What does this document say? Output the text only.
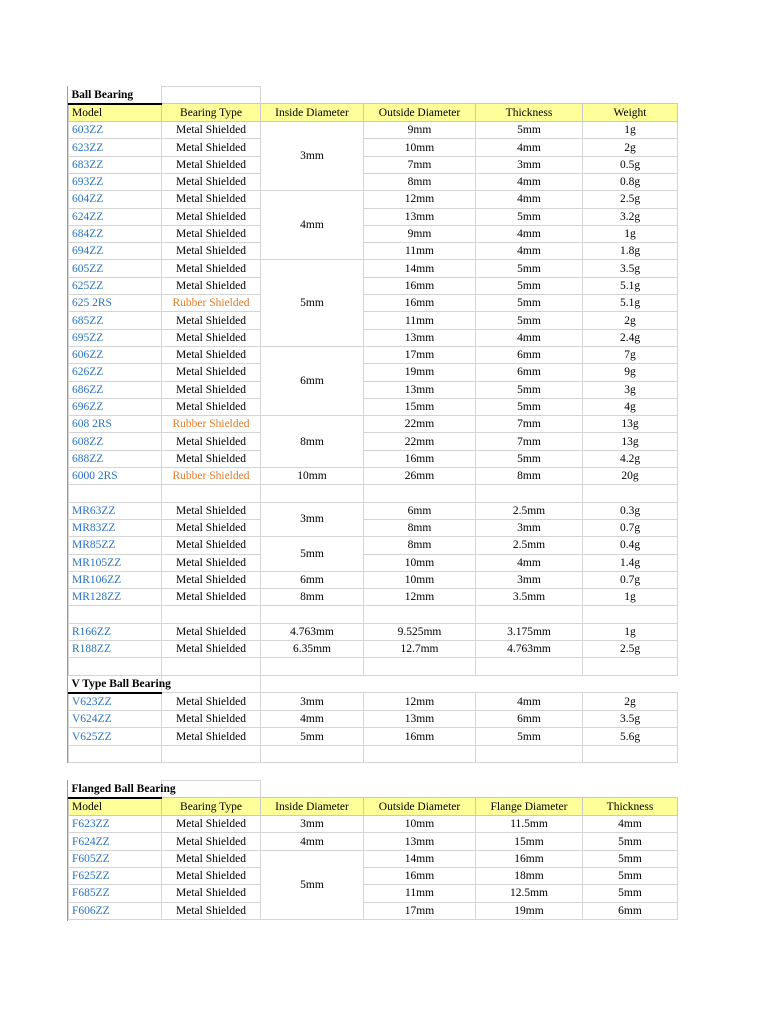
Ball Bearing					
Model	Bearing Type	Inside Diameter	Outside Diameter	Thickness	Weight
603ZZ	Metal Shielded	3mm	9mm	5mm	1g
623ZZ	Metal Shielded		10mm	4mm	2g
683ZZ	Metal Shielded		7mm	3mm	0.5g
693ZZ	Metal Shielded		8mm	4mm	0.8g
604ZZ	Metal Shielded	4mm	12mm	4mm	2.5g
624ZZ	Metal Shielded		13mm	5mm	3.2g
684ZZ	Metal Shielded		9mm	4mm	1g
694ZZ	Metal Shielded		11mm	4mm	1.8g
605ZZ	Metal Shielded	5mm	14mm	5mm	3.5g
625ZZ	Metal Shielded		16mm	5mm	5.1g
625 2RS	Rubber Shielded		16mm	5mm	5.1g
685ZZ	Metal Shielded		11mm	5mm	2g
695ZZ	Metal Shielded		13mm	4mm	2.4g
606ZZ	Metal Shielded	6mm	17mm	6mm	7g
626ZZ	Metal Shielded		19mm	6mm	9g
686ZZ	Metal Shielded		13mm	5mm	3g
696ZZ	Metal Shielded		15mm	5mm	4g
608 2RS	Rubber Shielded	8mm	22mm	7mm	13g
608ZZ	Metal Shielded		22mm	7mm	13g
688ZZ	Metal Shielded		16mm	5mm	4.2g
6000 2RS	Rubber Shielded	10mm	26mm	8mm	20g

MR63ZZ	Metal Shielded	3mm	6mm	2.5mm	0.3g
MR83ZZ	Metal Shielded		8mm	3mm	0.7g
MR85ZZ	Metal Shielded	5mm	8mm	2.5mm	0.4g
MR105ZZ	Metal Shielded		10mm	4mm	1.4g
MR106ZZ	Metal Shielded	6mm	10mm	3mm	0.7g
MR128ZZ	Metal Shielded	8mm	12mm	3.5mm	1g

R166ZZ	Metal Shielded	4.763mm	9.525mm	3.175mm	1g
R188ZZ	Metal Shielded	6.35mm	12.7mm	4.763mm	2.5g

V Type Ball Bearing					
V623ZZ	Metal Shielded	3mm	12mm	4mm	2g
V624ZZ	Metal Shielded	4mm	13mm	6mm	3.5g
V625ZZ	Metal Shielded	5mm	16mm	5mm	5.6g

Flanged Ball Bearing					
Model	Bearing Type	Inside Diameter	Outside Diameter	Flange Diameter	Thickness
F623ZZ	Metal Shielded	3mm	10mm	11.5mm	4mm
F624ZZ	Metal Shielded	4mm	13mm	15mm	5mm
F605ZZ	Metal Shielded	5mm	14mm	16mm	5mm
F625ZZ	Metal Shielded		16mm	18mm	5mm
F685ZZ	Metal Shielded		11mm	12.5mm	5mm
F606ZZ	Metal Shielded		17mm	19mm	6mm
